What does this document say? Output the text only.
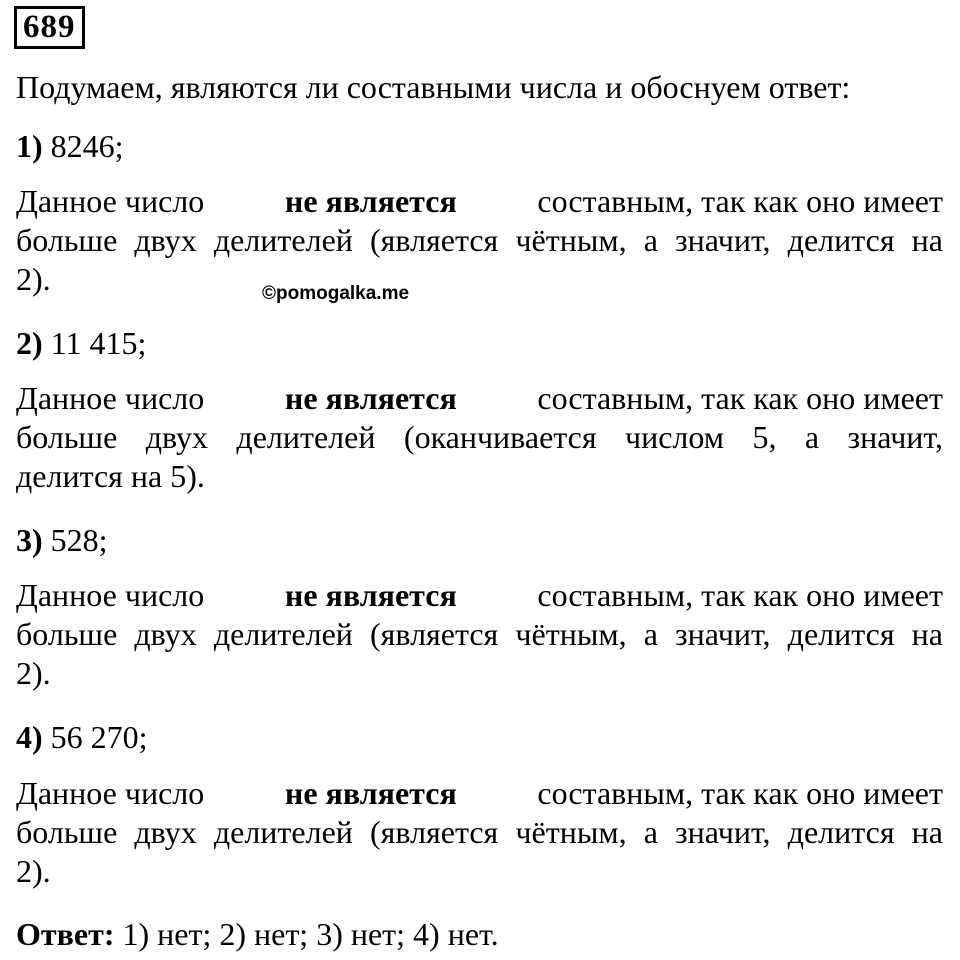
689
Подумаем, являются ли составными числа и обоснуем ответ:
1) 8246;
Данное число	не является	составным, так как оно имеет
больше двух делителей (является чётным, а значит, делится на
2).	©pomogalka.me
2) 11 415;
Данное число	не является	составным, так как оно имеет
больше двух делителей (оканчивается числом 5, а значит,
делится на 5).
3) 528;
Данное число	не является	составным, так как оно имеет
больше двух делителей (является чётным, а значит, делится на
2).
4) 56 270;
Данное число	не является	составным, так как оно имеет
больше двух делителей (является чётным, а значит, делится на
2).
Ответ: 1) нет; 2) нет; 3) нет; 4) нет.
